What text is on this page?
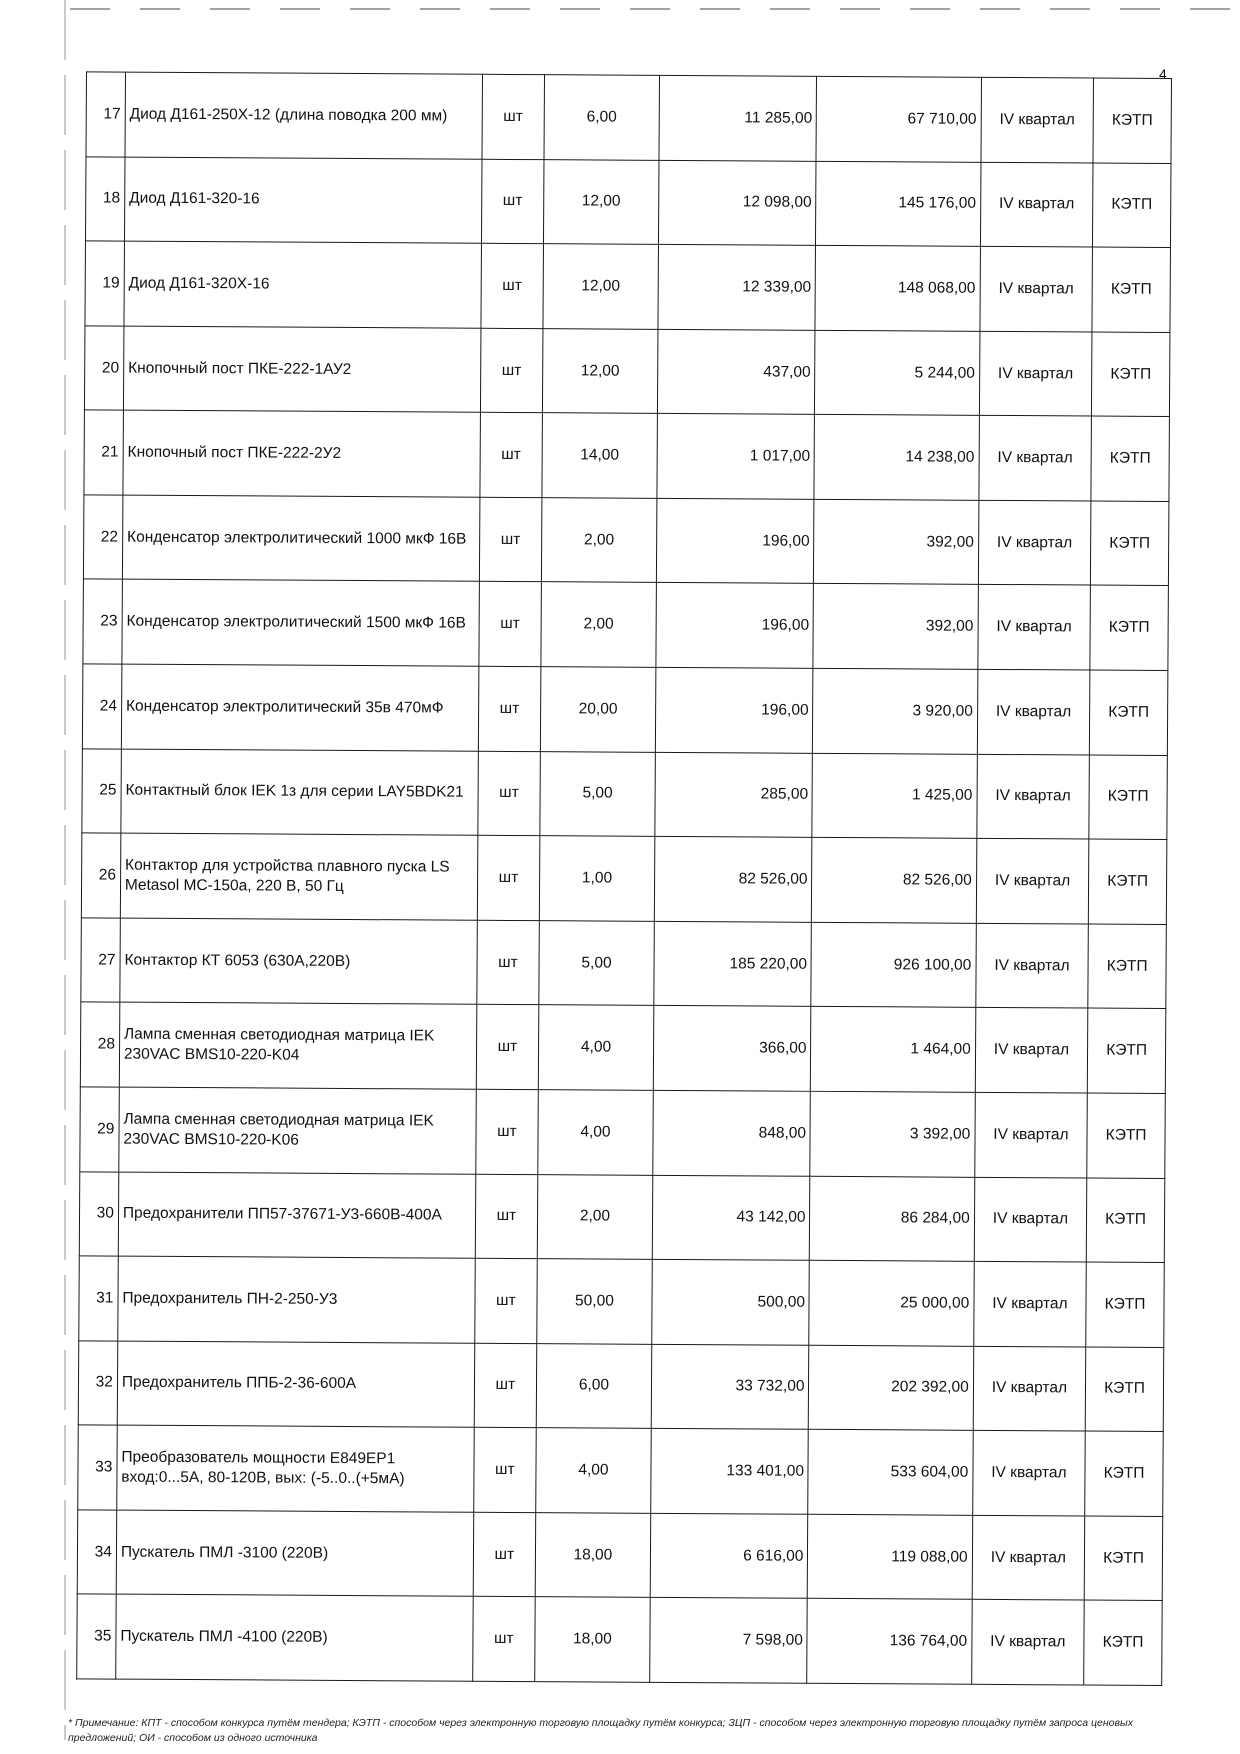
4
17	Диод Д161-250Х-12 (длина поводка 200 мм)	шт	6,00	11 285,00	67 710,00	IV квартал	КЭТП
18	Диод Д161-320-16	шт	12,00	12 098,00	145 176,00	IV квартал	КЭТП
19	Диод Д161-320Х-16	шт	12,00	12 339,00	148 068,00	IV квартал	КЭТП
20	Кнопочный пост ПКЕ-222-1АУ2	шт	12,00	437,00	5 244,00	IV квартал	КЭТП
21	Кнопочный пост ПКЕ-222-2У2	шт	14,00	1 017,00	14 238,00	IV квартал	КЭТП
22	Конденсатор электролитический 1000 мкФ 16В	шт	2,00	196,00	392,00	IV квартал	КЭТП
23	Конденсатор электролитический 1500 мкФ 16В	шт	2,00	196,00	392,00	IV квартал	КЭТП
24	Конденсатор электролитический 35в 470мФ	шт	20,00	196,00	3 920,00	IV квартал	КЭТП
25	Контактный блок IEK 1з для серии LAY5BDK21	шт	5,00	285,00	1 425,00	IV квартал	КЭТП
26	Контактор для устройства плавного пуска LS Metasol MC-150a, 220 В, 50 Гц	шт	1,00	82 526,00	82 526,00	IV квартал	КЭТП
27	Контактор КТ 6053 (630А,220В)	шт	5,00	185 220,00	926 100,00	IV квартал	КЭТП
28	Лампа сменная светодиодная матрица IEK 230VAC BMS10-220-K04	шт	4,00	366,00	1 464,00	IV квартал	КЭТП
29	Лампа сменная светодиодная матрица IEK 230VAC BMS10-220-K06	шт	4,00	848,00	3 392,00	IV квартал	КЭТП
30	Предохранители ПП57-37671-У3-660В-400А	шт	2,00	43 142,00	86 284,00	IV квартал	КЭТП
31	Предохранитель ПН-2-250-У3	шт	50,00	500,00	25 000,00	IV квартал	КЭТП
32	Предохранитель ППБ-2-36-600А	шт	6,00	33 732,00	202 392,00	IV квартал	КЭТП
33	Преобразователь мощности Е849ЕР1 вход:0...5А, 80-120В, вых: (-5..0..(+5мА)	шт	4,00	133 401,00	533 604,00	IV квартал	КЭТП
34	Пускатель ПМЛ -3100 (220В)	шт	18,00	6 616,00	119 088,00	IV квартал	КЭТП
35	Пускатель ПМЛ -4100 (220В)	шт	18,00	7 598,00	136 764,00	IV квартал	КЭТП
* Примечание: КПТ - способом конкурса путём тендера; КЭТП - способом через электронную торговую площадку путём конкурса; ЗЦП - способом через электронную торговую площадку путём запроса ценовых предложений; ОИ - способом из одного источника
